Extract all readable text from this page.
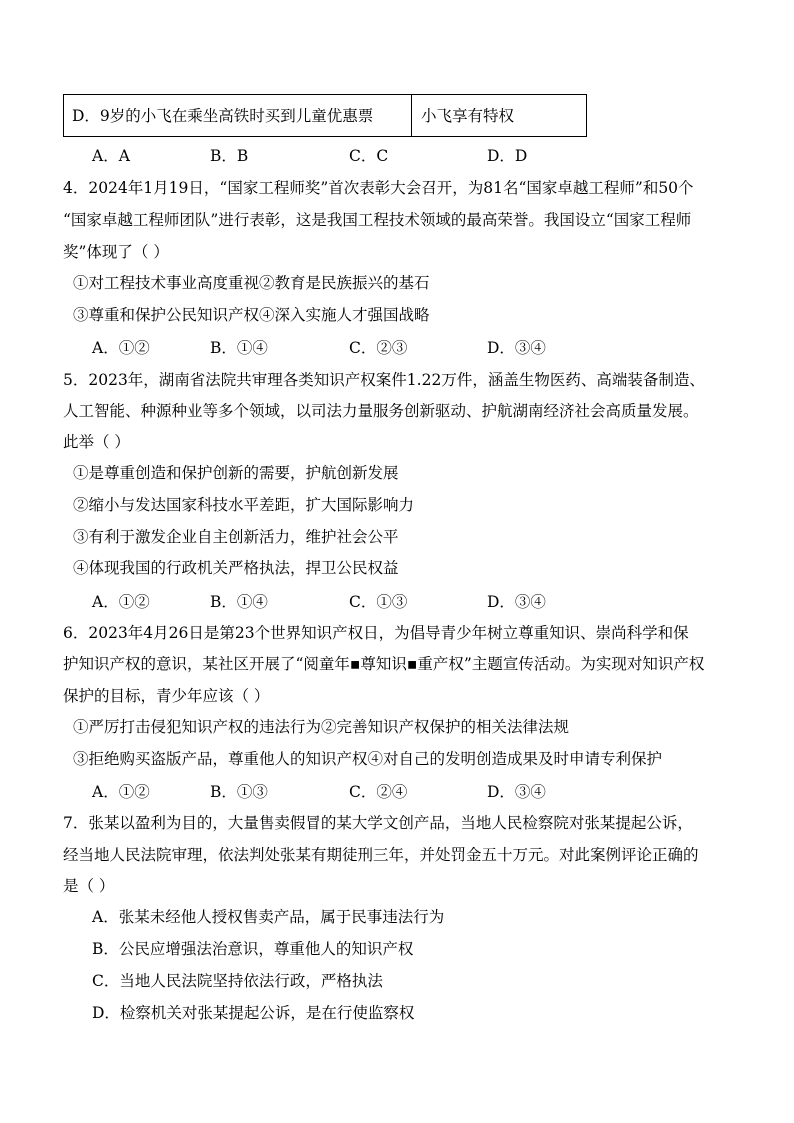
D．9岁的小飞在乘坐高铁时买到儿童优惠票	小飞享有特权
A．A	B．B	C．C	D．D
4．2024年1月19日，“国家工程师奖”首次表彰大会召开，为81名“国家卓越工程师”和50个
“国家卓越工程师团队”进行表彰，这是我国工程技术领域的最高荣誉。我国设立“国家工程师
奖”体现了（ ）
①对工程技术事业高度重视②教育是民族振兴的基石
③尊重和保护公民知识产权④深入实施人才强国战略
A．①②	B．①④	C．②③	D．③④
5．2023年，湖南省法院共审理各类知识产权案件1.22万件，涵盖生物医药、高端装备制造、
人工智能、种源种业等多个领域，以司法力量服务创新驱动、护航湖南经济社会高质量发展。
此举（ ）
①是尊重创造和保护创新的需要，护航创新发展
②缩小与发达国家科技水平差距，扩大国际影响力
③有利于激发企业自主创新活力，维护社会公平
④体现我国的行政机关严格执法，捍卫公民权益
A．①②	B．①④	C．①③	D．③④
6．2023年4月26日是第23个世界知识产权日，为倡导青少年树立尊重知识、崇尚科学和保
护知识产权的意识，某社区开展了“阅童年▪尊知识▪重产权”主题宣传活动。为实现对知识产权
保护的目标，青少年应该（ ）
①严厉打击侵犯知识产权的违法行为②完善知识产权保护的相关法律法规
③拒绝购买盗版产品，尊重他人的知识产权④对自己的发明创造成果及时申请专利保护
A．①②	B．①③	C．②④	D．③④
7．张某以盈利为目的，大量售卖假冒的某大学文创产品，当地人民检察院对张某提起公诉，
经当地人民法院审理，依法判处张某有期徒刑三年，并处罚金五十万元。对此案例评论正确的
是（ ）
A．张某未经他人授权售卖产品，属于民事违法行为
B．公民应增强法治意识，尊重他人的知识产权
C．当地人民法院坚持依法行政，严格执法
D．检察机关对张某提起公诉，是在行使监察权
